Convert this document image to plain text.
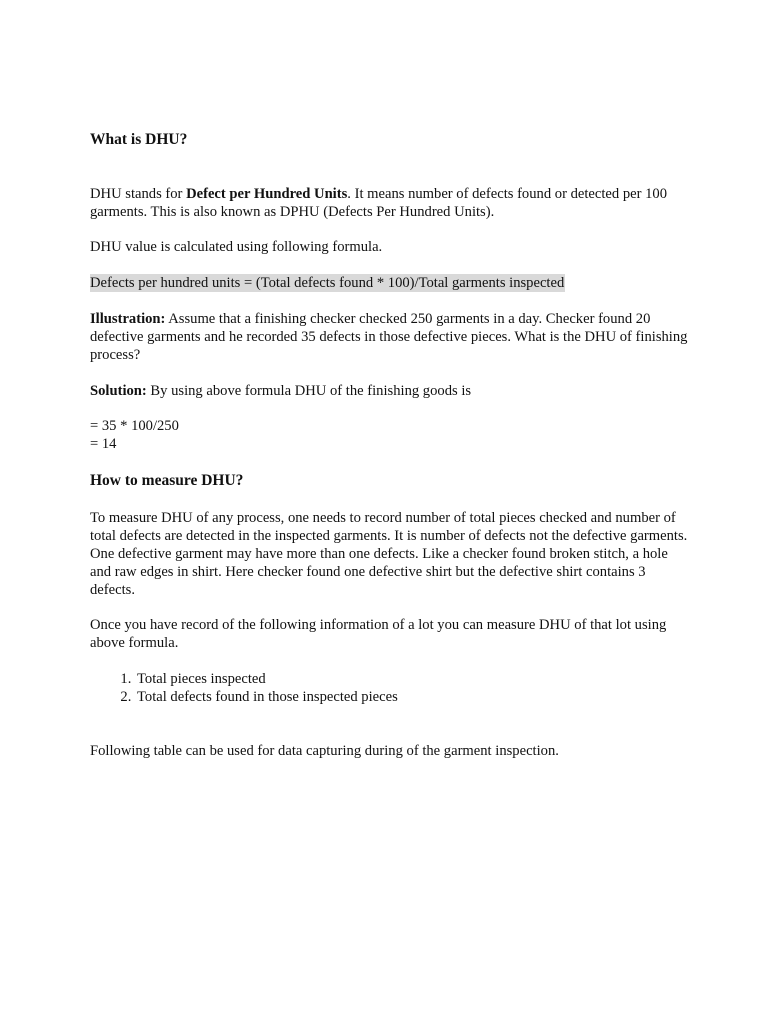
What is DHU?

DHU stands for Defect per Hundred Units. It means number of defects found or detected per 100 garments. This is also known as DPHU (Defects Per Hundred Units).

DHU value is calculated using following formula.

Defects per hundred units = (Total defects found * 100)/Total garments inspected

Illustration: Assume that a finishing checker checked 250 garments in a day. Checker found 20 defective garments and he recorded 35 defects in those defective pieces. What is the DHU of finishing process?

Solution: By using above formula DHU of the finishing goods is

= 35 * 100/250

= 14

How to measure DHU?

To measure DHU of any process, one needs to record number of total pieces checked and number of total defects are detected in the inspected garments. It is number of defects not the defective garments. One defective garment may have more than one defects. Like a checker found broken stitch, a hole and raw edges in shirt. Here checker found one defective shirt but the defective shirt contains 3 defects.

Once you have record of the following information of a lot you can measure DHU of that lot using above formula.

1. Total pieces inspected
2. Total defects found in those inspected pieces

Following table can be used for data capturing during of the garment inspection.
